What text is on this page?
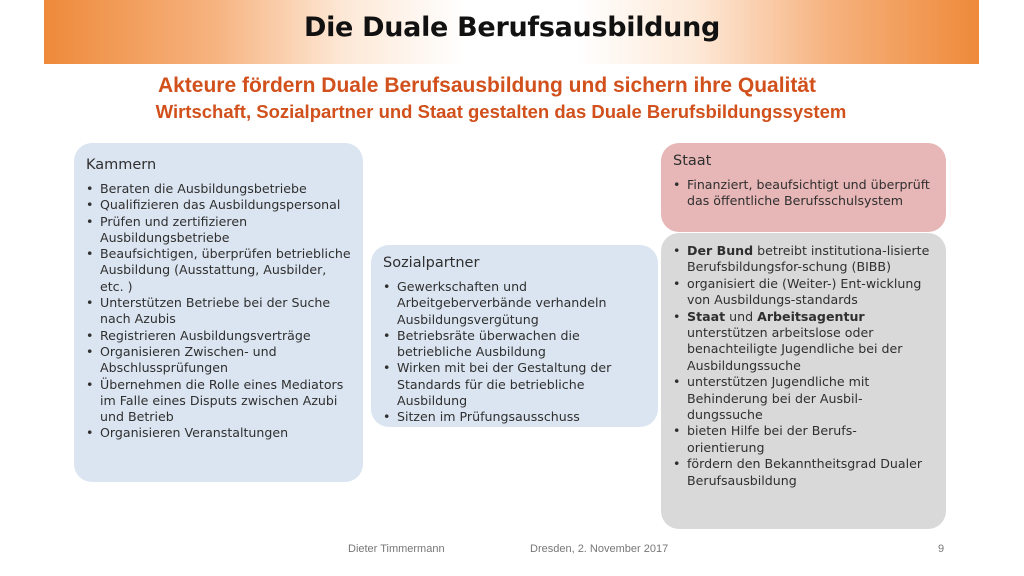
Die Duale Berufsausbildung
Akteure fördern Duale Berufsausbildung und sichern ihre Qualität
Wirtschaft, Sozialpartner und Staat gestalten das Duale Berufsbildungssystem
Kammern
• Beraten die Ausbildungsbetriebe
• Qualifizieren das Ausbildungspersonal
• Prüfen und zertifizieren Ausbildungsbetriebe
• Beaufsichtigen, überprüfen betriebliche Ausbildung (Ausstattung, Ausbilder, etc. )
• Unterstützen Betriebe bei der Suche nach Azubis
• Registrieren Ausbildungsverträge
• Organisieren Zwischen- und Abschlussprüfungen
• Übernehmen die Rolle eines Mediators im Falle eines Disputs zwischen Azubi und Betrieb
• Organisieren Veranstaltungen
Sozialpartner
• Gewerkschaften und Arbeitgeberverbände verhandeln Ausbildungsvergütung
• Betriebsräte überwachen die betriebliche Ausbildung
• Wirken mit bei der Gestaltung der Standards für die betriebliche Ausbildung
• Sitzen im Prüfungsausschuss
Staat
• Finanziert, beaufsichtigt und überprüft das öffentliche Berufsschulsystem
• Der Bund betreibt institutiona-lisierte Berufsbildungsfor-schung (BIBB)
• organisiert die (Weiter-) Ent-wicklung von Ausbildungs-standards
• Staat und Arbeitsagentur unterstützen arbeitslose oder benachteiligte Jugendliche bei der Ausbildungssuche
• unterstützen Jugendliche mit Behinderung bei der Ausbil-dungssuche
• bieten Hilfe bei der Berufs-orientierung
• fördern den Bekanntheitsgrad Dualer Berufsausbildung
Dieter Timmermann	Dresden, 2. November 2017	9
